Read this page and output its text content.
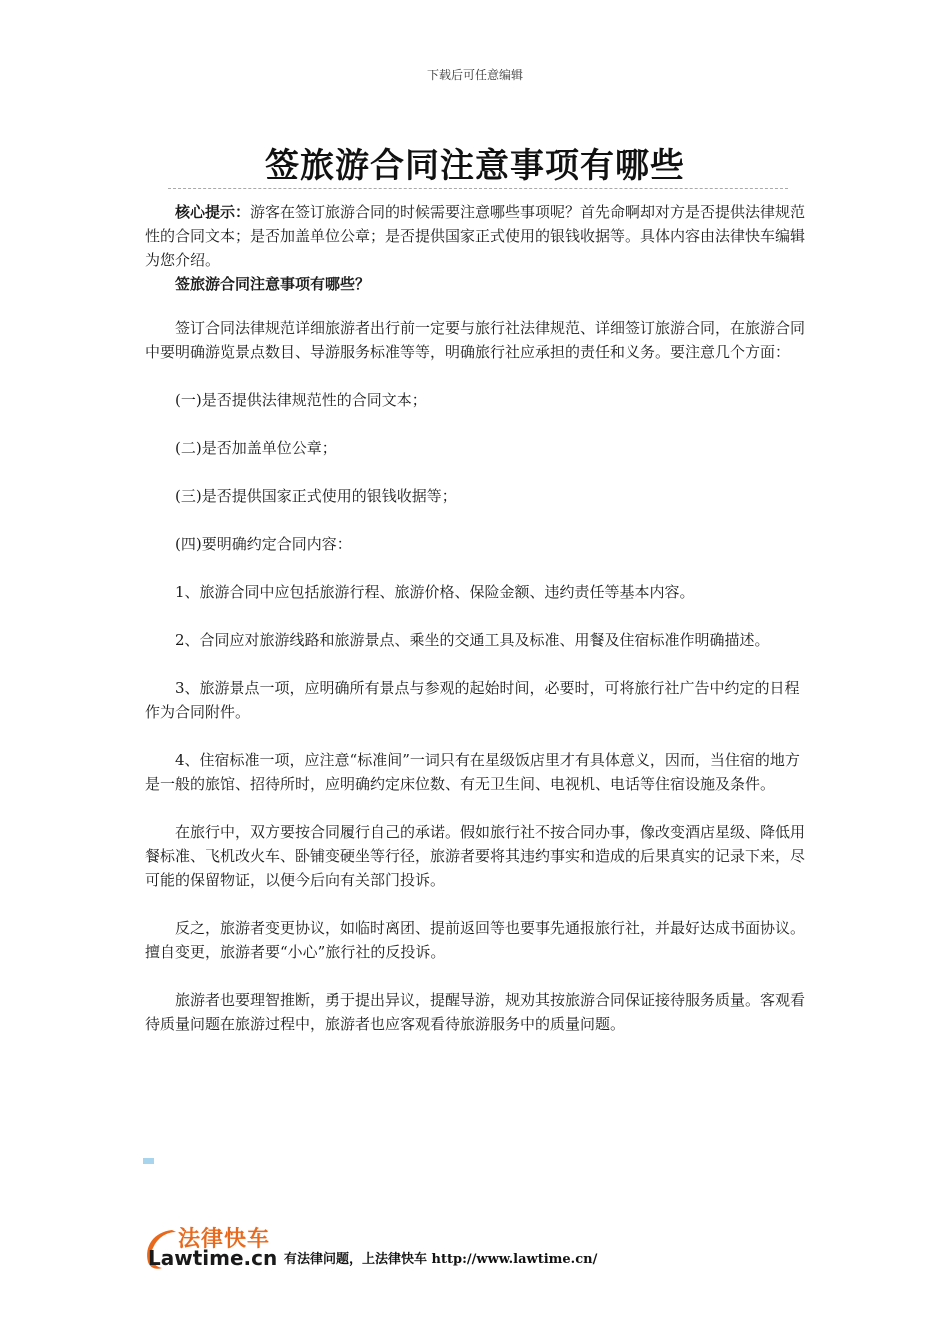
下载后可任意编辑
签旅游合同注意事项有哪些

核心提示：游客在签订旅游合同的时候需要注意哪些事项呢？首先命啊却对方是否提供法律规范性的合同文本；是否加盖单位公章；是否提供国家正式使用的银钱收据等。具体内容由法律快车编辑为您介绍。

签旅游合同注意事项有哪些？

签订合同法律规范详细旅游者出行前一定要与旅行社法律规范、详细签订旅游合同，在旅游合同中要明确游览景点数目、导游服务标准等等，明确旅行社应承担的责任和义务。要注意几个方面：

(一)是否提供法律规范性的合同文本；

(二)是否加盖单位公章；

(三)是否提供国家正式使用的银钱收据等；

(四)要明确约定合同内容：

1、旅游合同中应包括旅游行程、旅游价格、保险金额、违约责任等基本内容。

2、合同应对旅游线路和旅游景点、乘坐的交通工具及标准、用餐及住宿标准作明确描述。

3、旅游景点一项，应明确所有景点与参观的起始时间，必要时，可将旅行社广告中约定的日程作为合同附件。

4、住宿标准一项，应注意“标准间”一词只有在星级饭店里才有具体意义，因而，当住宿的地方是一般的旅馆、招待所时，应明确约定床位数、有无卫生间、电视机、电话等住宿设施及条件。

在旅行中，双方要按合同履行自己的承诺。假如旅行社不按合同办事，像改变酒店星级、降低用餐标准、飞机改火车、卧铺变硬坐等行径，旅游者要将其违约事实和造成的后果真实的记录下来，尽可能的保留物证，以便今后向有关部门投诉。

反之，旅游者变更协议，如临时离团、提前返回等也要事先通报旅行社，并最好达成书面协议。擅自变更，旅游者要“小心”旅行社的反投诉。

旅游者也要理智推断，勇于提出异议，提醒导游，规劝其按旅游合同保证接待服务质量。客观看待质量问题在旅游过程中，旅游者也应客观看待旅游服务中的质量问题。

法律快车
Lawtime.cn 有法律问题，上法律快车 http://www.lawtime.cn/
